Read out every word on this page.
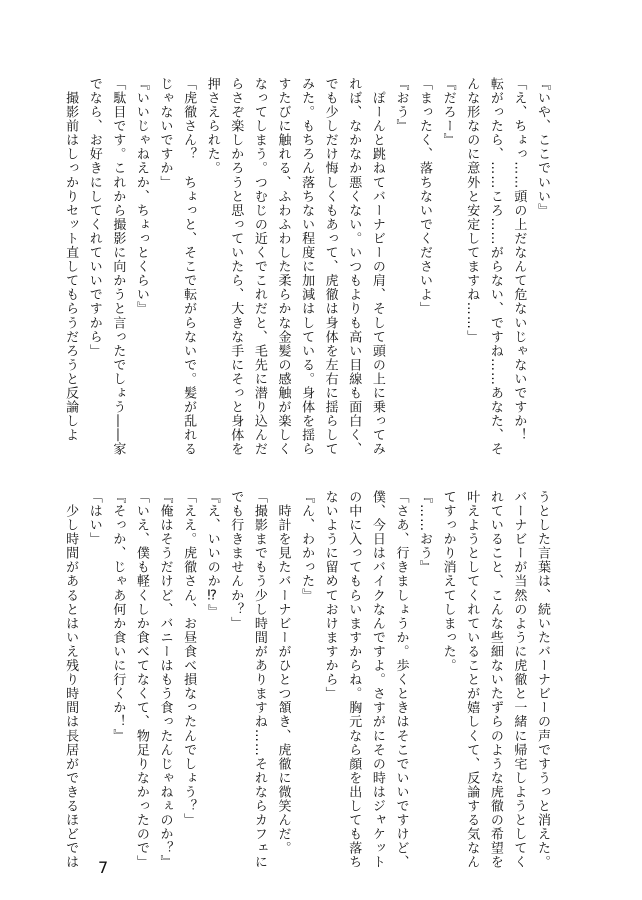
『いや、ここでいい』
「え、ちょっ……頭の上だなんて危ないじゃないですか！
転がったら、……ころ……がらない、ですね……あなた、そ
んな形なのに意外と安定してますね……」
『だろー』
「まったく、落ちないでくださいよ」
『おう』
　ぽーんと跳ねてバーナビーの肩、そして頭の上に乗ってみ
れば、なかなか悪くない。いつもよりも高い目線も面白く、
でも少しだけ悔しくもあって、虎徹は身体を左右に揺らして
みた。もちろん落ちない程度に加減はしている。身体を揺ら
すたびに触れる、ふわふわした柔らかな金髪の感触が楽しく
なってしまう。つむじの近くでこれだと、毛先に潜り込んだ
らさぞ楽しかろうと思っていたら、大きな手にそっと身体を
押さえられた。
「虎徹さん？　ちょっと、そこで転がらないで。髪が乱れる
じゃないですか」
『いいじゃねえか、ちょっとくらい』
「駄目です。これから撮影に向かうと言ったでしょう――家
でなら、お好きにしてくれていいですから」
　撮影前はしっかりセット直してもらうだろうと反論しよ
うとした言葉は、続いたバーナビーの声ですうっと消えた。
バーナビーが当然のように虎徹と一緒に帰宅しようとしてく
れていること、こんな些細ないたずらのような虎徹の希望を
叶えようとしてくれていることが嬉しくて、反論する気なん
てすっかり消えてしまった。
『……おう』
「さあ、行きましょうか。歩くときはそこでいいですけど、
僕、今日はバイクなんですよ。さすがにその時はジャケット
の中に入ってもらいますからね。胸元なら顔を出しても落ち
ないように留めておけますから」
『ん、わかった』
　時計を見たバーナビーがひとつ頷き、虎徹に微笑んだ。
「撮影までもう少し時間がありますね……それならカフェに
でも行きませんか？」
『え、いいのか⁉』
「ええ。虎徹さん、お昼食べ損なったんでしょう？」
『俺はそうだけど、バニーはもう食ったんじゃねぇのか？』
「いえ、僕も軽くしか食べてなくて、物足りなかったので」
『そっか、じゃあ何か食いに行くか！』
「はい」
　少し時間があるとはいえ残り時間は長居ができるほどでは 7
